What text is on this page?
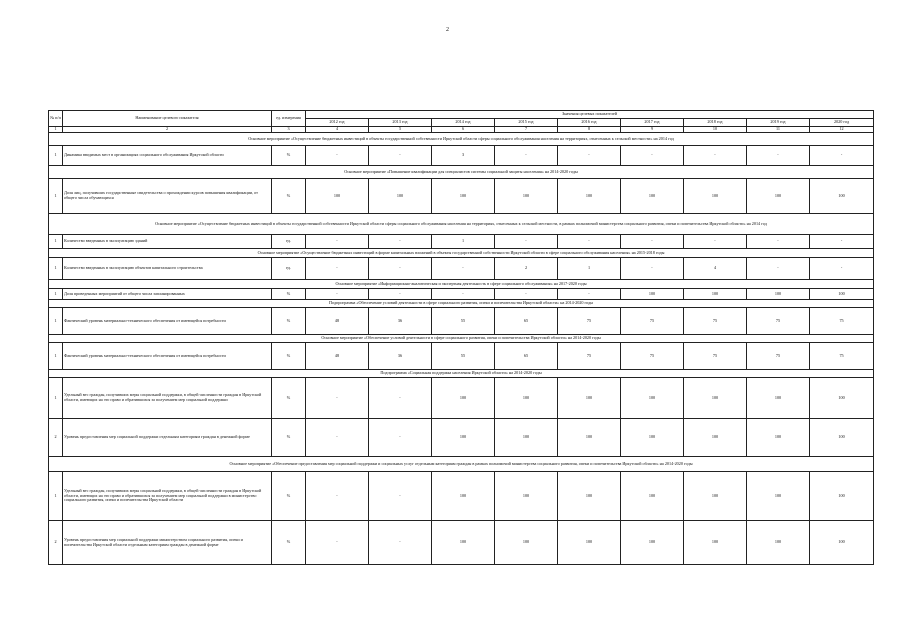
2
№ п/п	Наименование целевого показателя	ед. измерения	Значения целевых показателей								
			2012 год	2013 год	2014 год	2015 год	2016 год	2017 год	2018 год	2019 год	2020 год
1	2	3	4	5	6	7	8	9	10	11	12
Основное мероприятие «Осуществление бюджетных инвестиций в объекты государственной собственности Иркутской области сферы социального обслуживания населения на территориях, отнесенных к сельской местности» на 2014 год											
1	Динамика вводимых мест в организациях социального обслуживания Иркутской области	%	-	-	3	-	-	-	-	-	-
Основное мероприятие «Повышение квалификации для специалистов системы социальной защиты населения» на 2014-2020 годы											
1	Доля лиц, получивших государственные свидетельства о прохождении курсов повышения квалификации, от общего числа обучающихся	%	100	100	100	100	100	100	100	100	100
Основное мероприятие «Осуществление бюджетных инвестиций в объекты государственной собственности Иркутской области сферы социального обслуживания населения на территориях, отнесенных к сельской местности, в рамках полномочий министерства социального развития, опеки и попечительства Иркутской области» на 2014 год											
1	Количество введенных в эксплуатацию зданий	ед.	-	-	1	-	-	-	-	-	-
Основное мероприятие «Осуществление бюджетных инвестиций в форме капитальных вложений в объекты государственной собственности Иркутской области в сфере социального обслуживания населения» на 2015-2018 годы											
1	Количество введенных в эксплуатацию объектов капитального строительства	ед.	-	-	-	2	1	-	4	-	-
Основное мероприятие «Информационно-аналитическая и экспертная деятельность в сфере социального обслуживания» на 2017-2020 годы											
1	Доля проведенных мероприятий от общего числа запланированных	%	-	-	-	-	-	100	100	100	100
Подпрограмма «Обеспечение условий деятельности в сфере социального развития, опеки и попечительства Иркутской области» на 2014-2020 годы											
1	Фактический уровень материально-технического обеспечения от имеющейся потребности	%	48	36	55	65	75	75	75	75	75
Основное мероприятие «Обеспечение условий деятельности в сфере социального развития, опеки и попечительства Иркутской области» на 2014-2020 годы											
1	Фактический уровень материально-технического обеспечения от имеющейся потребности	%	48	36	55	65	75	75	75	75	75
Подпрограмма «Социальная поддержка населения Иркутской области» на 2014-2020 годы											
1	Удельный вес граждан, получивших меры социальной поддержки, в общей численности граждан в Иркутской области, имеющих на это право и обратившихся за получением мер социальной поддержки	%	-	-	100	100	100	100	100	100	100
2	Уровень предоставления мер социальной поддержки отдельным категориям граждан в денежной форме	%	-	-	100	100	100	100	100	100	100
Основное мероприятие «Обеспечение предоставления мер социальной поддержки и социальных услуг отдельным категориям граждан в рамках полномочий министерства социального развития, опеки и попечительства Иркутской области» на 2014-2020 годы											
1	Удельный вес граждан, получивших меры социальной поддержки, в общей численности граждан в Иркутской области, имеющих на это право и обратившихся за получением мер социальной поддержки в министерство социального развития, опеки и попечительства Иркутской области	%	-	-	100	100	100	100	100	100	100
2	Уровень предоставления мер социальной поддержки министерством социального развития, опеки и попечительства Иркутской области отдельным категориям граждан в денежной форме	%	-	-	100	100	100	100	100	100	100
